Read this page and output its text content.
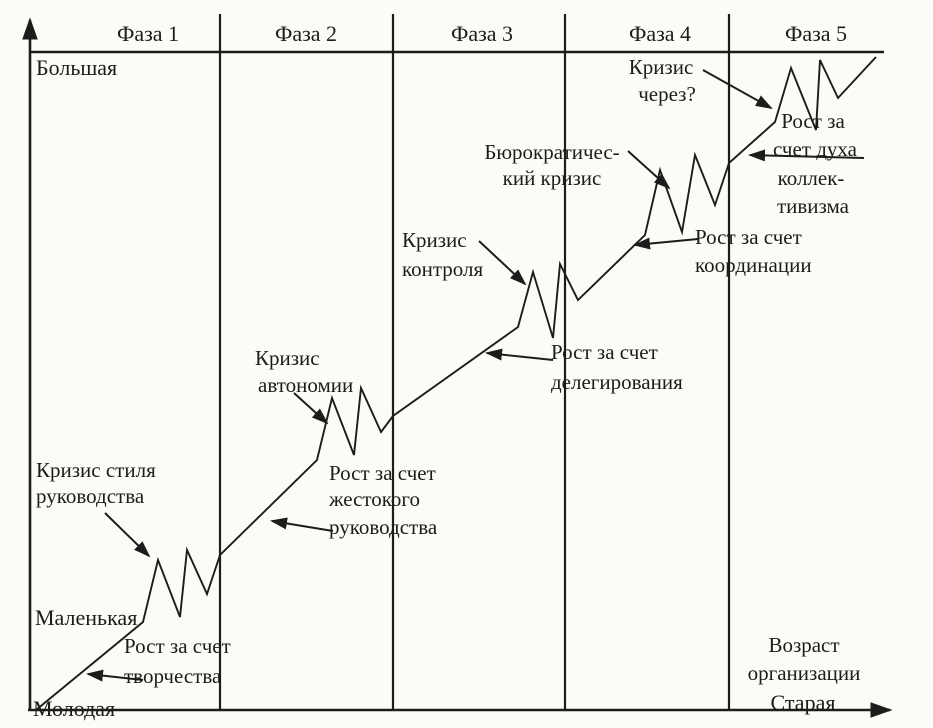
Фаза 1	Фаза 2	Фаза 3	Фаза 4	Фаза 5
Большая
Маленькая
Молодая	Старая
Возраст
организации
Кризис стиля
руководства
Кризис
автономии
Кризис
контроля
Бюрократичес-
кий кризис
Кризис
через?
Рост за счет
творчества
Рост за счет
жестокого
руководства
Рост за счет
делегирования
Рост за счет
координации
Рост за
счет духа
коллек-
тивизма
